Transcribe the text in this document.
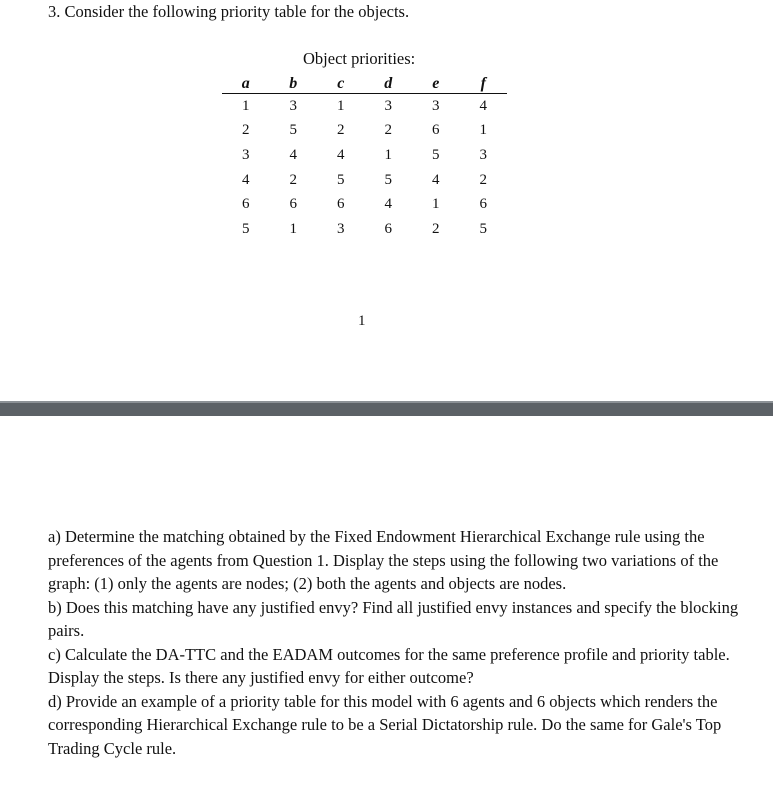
3. Consider the following priority table for the objects.
Object priorities:
a	b	c	d	e	f
1	3	1	3	3	4
2	5	2	2	6	1
3	4	4	1	5	3
4	2	5	5	4	2
6	6	6	4	1	6
5	1	3	6	2	5
1

a) Determine the matching obtained by the Fixed Endowment Hierarchical Exchange rule using the preferences of the agents from Question 1. Display the steps using the following two variations of the graph: (1) only the agents are nodes; (2) both the agents and objects are nodes.

b) Does this matching have any justified envy? Find all justified envy instances and specify the blocking pairs.

c) Calculate the DA-TTC and the EADAM outcomes for the same preference profile and priority table. Display the steps. Is there any justified envy for either outcome?

d) Provide an example of a priority table for this model with 6 agents and 6 objects which renders the corresponding Hierarchical Exchange rule to be a Serial Dictatorship rule. Do the same for Gale's Top Trading Cycle rule.
